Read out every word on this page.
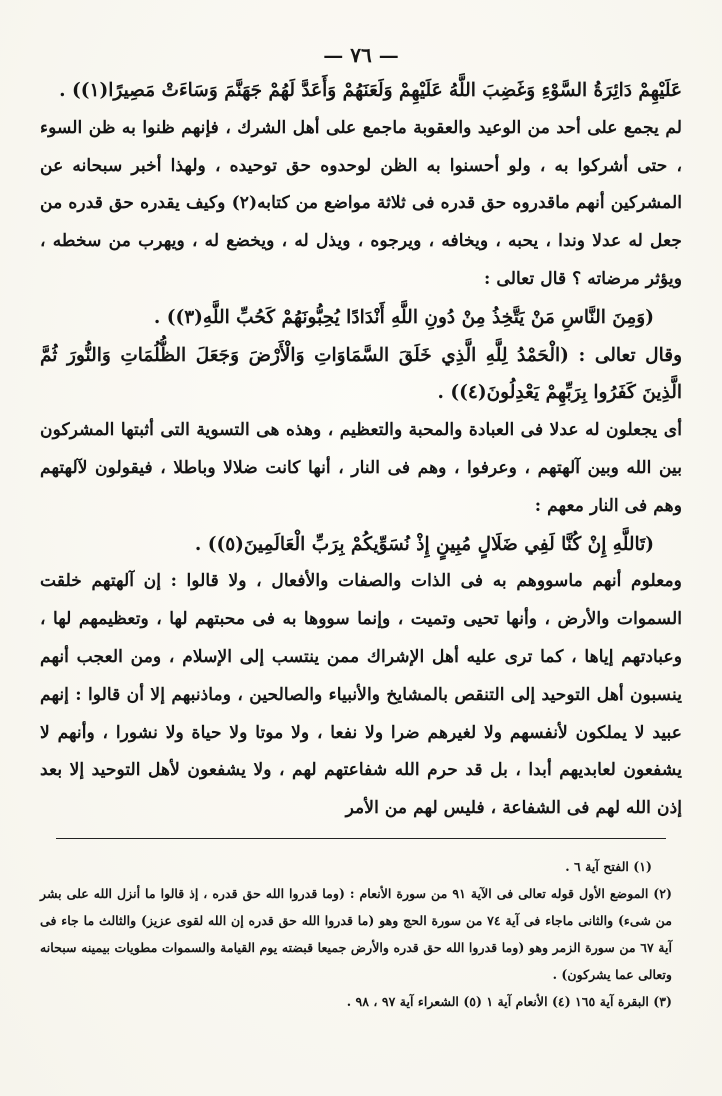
— ٧٦ —

عَلَيْهِمْ دَائِرَةُ السَّوْءِ وَغَضِبَ اللَّهُ عَلَيْهِمْ وَلَعَنَهُمْ وَأَعَدَّ لَهُمْ جَهَنَّمَ وَسَاءَتْ مَصِيرًا(١)) .

لم يجمع على أحد من الوعيد والعقوبة ماجمع على أهل الشرك ، فإنهم ظنوا به ظن السوء ، حتى أشركوا به ، ولو أحسنوا به الظن لوحدوه حق توحيده ، ولهذا أخبر سبحانه عن المشركين أنهم ماقدروه حق قدره فى ثلاثة مواضع من كتابه(٢) وكيف يقدره حق قدره من جعل له عدلا وندا ، يحبه ، ويخافه ، ويرجوه ، ويذل له ، ويخضع له ، ويهرب من سخطه ، ويؤثر مرضاته ؟ قال تعالى :

(وَمِنَ النَّاسِ مَنْ يَتَّخِذُ مِنْ دُونِ اللَّهِ أَنْدَادًا يُحِبُّونَهُمْ كَحُبِّ اللَّهِ(٣)) .

وقال تعالى : (الْحَمْدُ لِلَّهِ الَّذِي خَلَقَ السَّمَاوَاتِ وَالْأَرْضَ وَجَعَلَ الظُّلُمَاتِ وَالنُّورَ ثُمَّ الَّذِينَ كَفَرُوا بِرَبِّهِمْ يَعْدِلُونَ(٤)) .

أى يجعلون له عدلا فى العبادة والمحبة والتعظيم ، وهذه هى التسوية التى أثبتها المشركون بين الله وبين آلهتهم ، وعرفوا ، وهم فى النار ، أنها كانت ضلالا وباطلا ، فيقولون لآلهتهم وهم فى النار معهم :

(تَاللَّهِ إِنْ كُنَّا لَفِي ضَلَالٍ مُبِينٍ إِذْ نُسَوِّيكُمْ بِرَبِّ الْعَالَمِينَ(٥)) .

ومعلوم أنهم ماسووهم به فى الذات والصفات والأفعال ، ولا قالوا : إن آلهتهم خلقت السموات والأرض ، وأنها تحيى وتميت ، وإنما سووها به فى محبتهم لها ، وتعظيمهم لها ، وعبادتهم إياها ، كما ترى عليه أهل الإشراك ممن ينتسب إلى الإسلام ، ومن العجب أنهم ينسبون أهل التوحيد إلى التنقص بالمشايخ والأنبياء والصالحين ، وماذنبهم إلا أن قالوا : إنهم عبيد لا يملكون لأنفسهم ولا لغيرهم ضرا ولا نفعا ، ولا موتا ولا حياة ولا نشورا ، وأنهم لا يشفعون لعابديهم أبدا ، بل قد حرم الله شفاعتهم لهم ، ولا يشفعون لأهل التوحيد إلا بعد إذن الله لهم فى الشفاعة ، فليس لهم من الأمر

(١) الفتح آية ٦ .

(٢) الموضع الأول قوله تعالى فى الآية ٩١ من سورة الأنعام : (وما قدروا الله حق قدره ، إذ قالوا ما أنزل الله على بشر من شىء) والثانى ماجاء فى آية ٧٤ من سورة الحج وهو (ما قدروا الله حق قدره إن الله لقوى عزيز) والثالث ما جاء فى آية ٦٧ من سورة الزمر وهو (وما قدروا الله حق قدره والأرض جميعا قبضته يوم القيامة والسموات مطويات بيمينه سبحانه وتعالى عما يشركون) .

(٣) البقرة آية ١٦٥ (٤) الأنعام آية ١ (٥) الشعراء آية ٩٧ ، ٩٨ .
